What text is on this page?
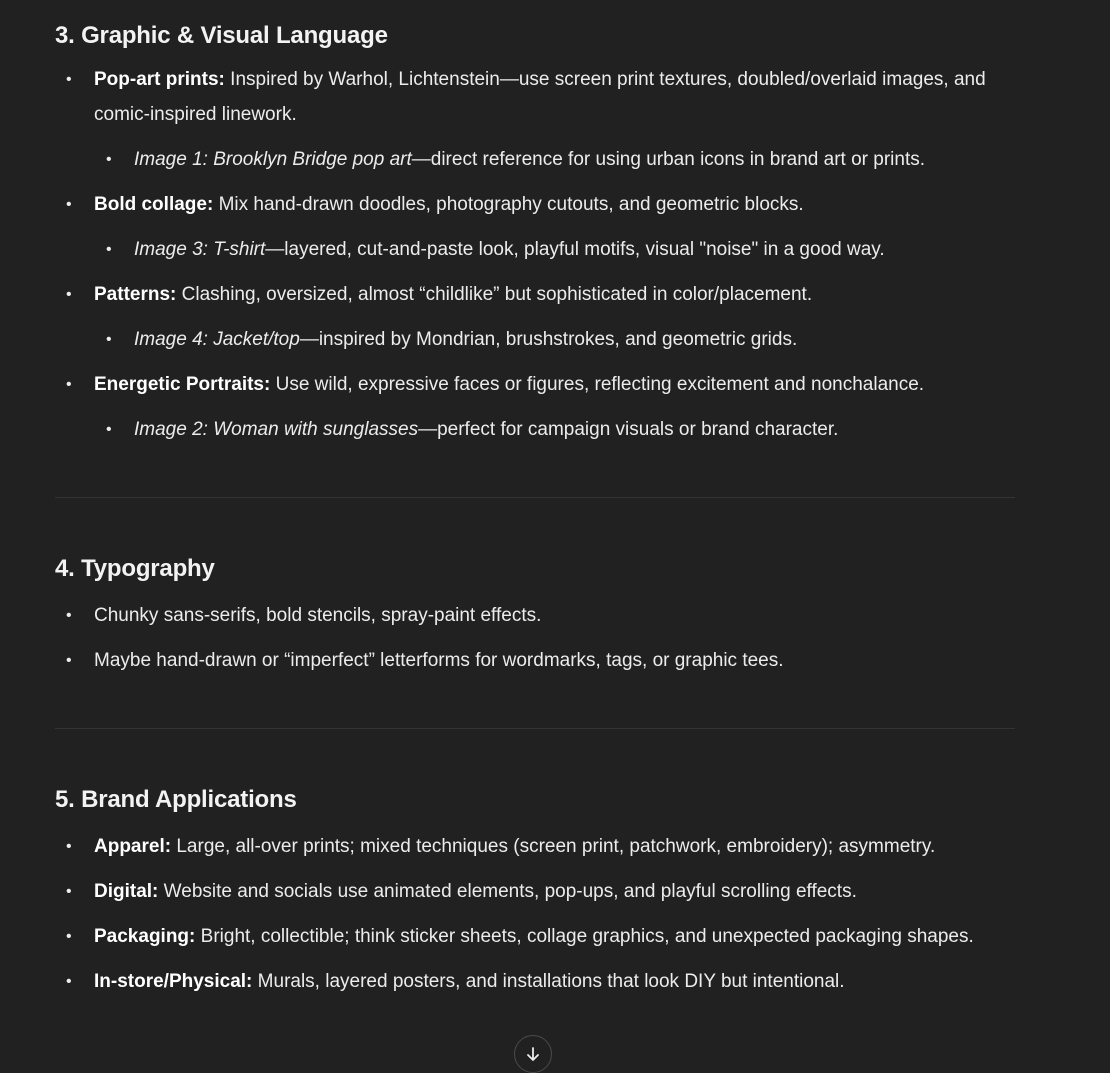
3. Graphic & Visual Language
• Pop-art prints: Inspired by Warhol, Lichtenstein—use screen print textures, doubled/overlaid images, and comic-inspired linework.
• Image 1: Brooklyn Bridge pop art—direct reference for using urban icons in brand art or prints.
• Bold collage: Mix hand-drawn doodles, photography cutouts, and geometric blocks.
• Image 3: T-shirt—layered, cut-and-paste look, playful motifs, visual "noise" in a good way.
• Patterns: Clashing, oversized, almost “childlike” but sophisticated in color/placement.
• Image 4: Jacket/top—inspired by Mondrian, brushstrokes, and geometric grids.
• Energetic Portraits: Use wild, expressive faces or figures, reflecting excitement and nonchalance.
• Image 2: Woman with sunglasses—perfect for campaign visuals or brand character.
4. Typography
• Chunky sans-serifs, bold stencils, spray-paint effects.
• Maybe hand-drawn or “imperfect” letterforms for wordmarks, tags, or graphic tees.
5. Brand Applications
• Apparel: Large, all-over prints; mixed techniques (screen print, patchwork, embroidery); asymmetry.
• Digital: Website and socials use animated elements, pop-ups, and playful scrolling effects.
• Packaging: Bright, collectible; think sticker sheets, collage graphics, and unexpected packaging shapes.
• In-store/Physical: Murals, layered posters, and installations that look DIY but intentional.
